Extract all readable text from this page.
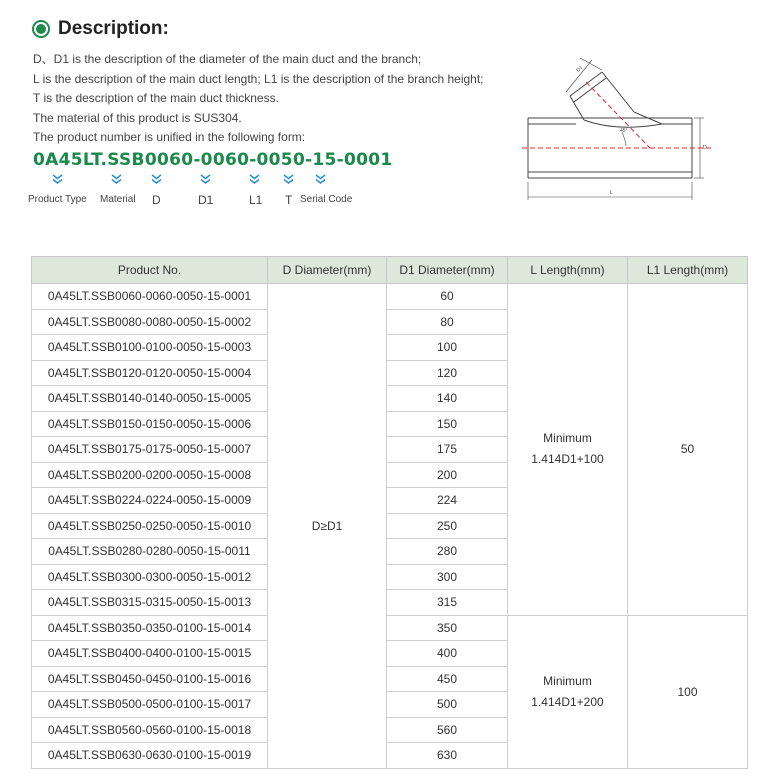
Description:
D、D1 is the description of the diameter of the main duct and the branch;
L is the description of the main duct length; L1 is the description of the branch height;
T is the description of the main duct thickness.
The material of this product is SUS304.
The product number is unified in the following form:
0A45LT.SSB0060-0060-0050-15-0001
Product Type Material D	D1	L1 T Serial Code
D1
D
L
45°
Product No.	D Diameter(mm)	D1 Diameter(mm)	L Length(mm)	L1 Length(mm)
0A45LT.SSB0060-0060-0050-15-0001	D≥D1	60	Minimum
1.414D1+100	50
0A45LT.SSB0080-0080-0050-15-0002		80		
0A45LT.SSB0100-0100-0050-15-0003		100		
0A45LT.SSB0120-0120-0050-15-0004		120		
0A45LT.SSB0140-0140-0050-15-0005		140		
0A45LT.SSB0150-0150-0050-15-0006		150		
0A45LT.SSB0175-0175-0050-15-0007		175		
0A45LT.SSB0200-0200-0050-15-0008		200		
0A45LT.SSB0224-0224-0050-15-0009		224		
0A45LT.SSB0250-0250-0050-15-0010		250		
0A45LT.SSB0280-0280-0050-15-0011		280		
0A45LT.SSB0300-0300-0050-15-0012		300		
0A45LT.SSB0315-0315-0050-15-0013		315		
0A45LT.SSB0350-0350-0100-15-0014		350	Minimum
1.414D1+200	100
0A45LT.SSB0400-0400-0100-15-0015		400		
0A45LT.SSB0450-0450-0100-15-0016		450		
0A45LT.SSB0500-0500-0100-15-0017		500		
0A45LT.SSB0560-0560-0100-15-0018		560		
0A45LT.SSB0630-0630-0100-15-0019		630		
